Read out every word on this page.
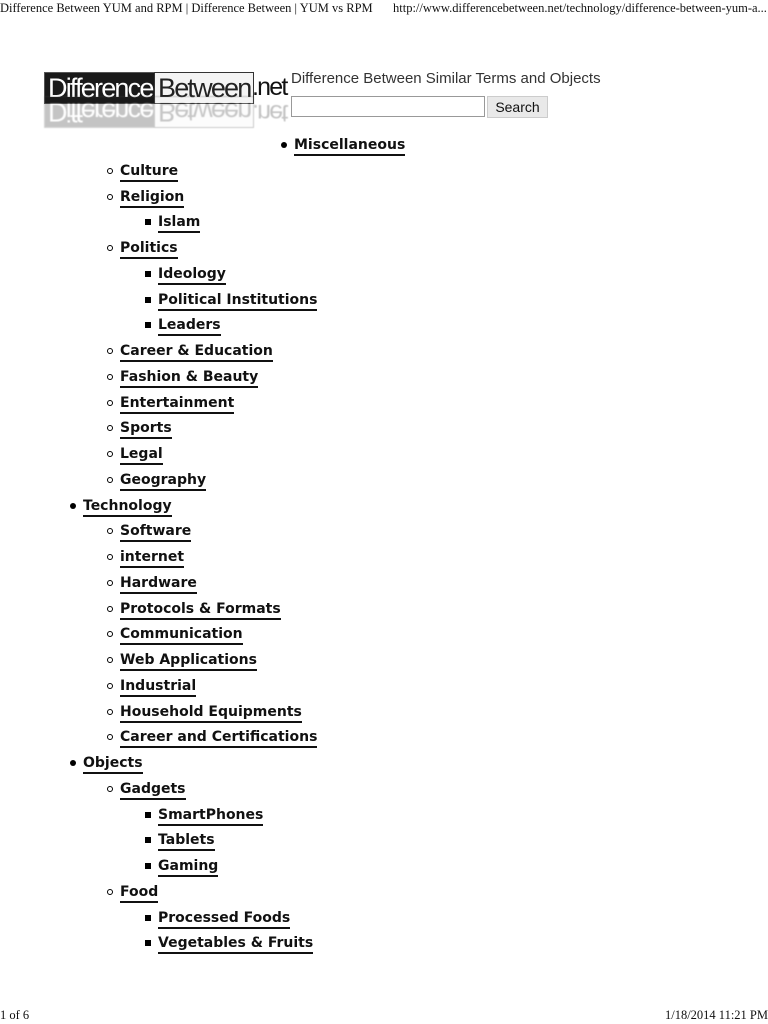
Difference Between YUM and RPM | Difference Between | YUM vs RPM http://www.differencebetween.net/technology/difference-between-yum-a...
Difference Between .net
Difference Between .net
Difference Between Similar Terms and Objects
Search
Miscellaneous
Culture
Religion
Islam
Politics
Ideology
Political Institutions
Leaders
Career & Education
Fashion & Beauty
Entertainment
Sports
Legal
Geography
Technology
Software
internet
Hardware
Protocols & Formats
Communication
Web Applications
Industrial
Household Equipments
Career and Certifications
Objects
Gadgets
SmartPhones
Tablets
Gaming
Food
Processed Foods
Vegetables & Fruits
1 of 6	1/18/2014 11:21 PM
